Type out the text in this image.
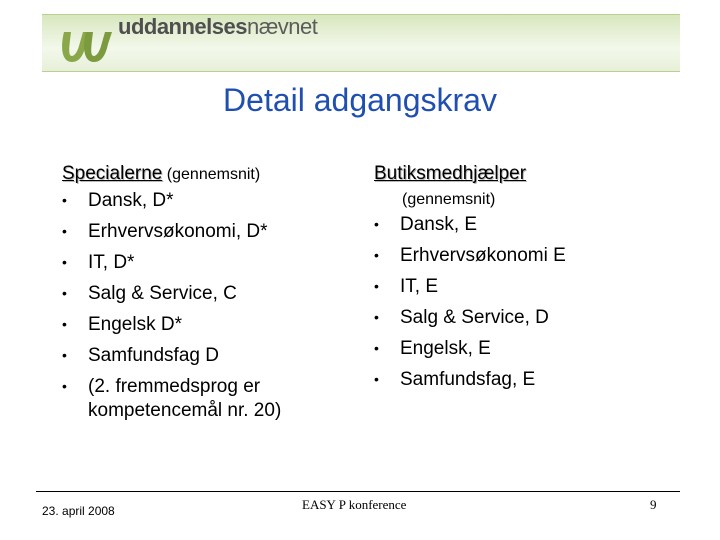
uddannelsesnævnet
Detail adgangskrav
Specialerne (gennemsnit)
• Dansk, D*
• Erhvervsøkonomi, D*
• IT, D*
• Salg & Service, C
• Engelsk D*
• Samfundsfag D
• (2. fremmedsprog er
kompetencemål nr. 20)
Butiksmedhjælper
(gennemsnit)
• Dansk, E
• Erhvervsøkonomi E
• IT, E
• Salg & Service, D
• Engelsk, E
• Samfundsfag, E
23. april 2008	EASY P konference	9
